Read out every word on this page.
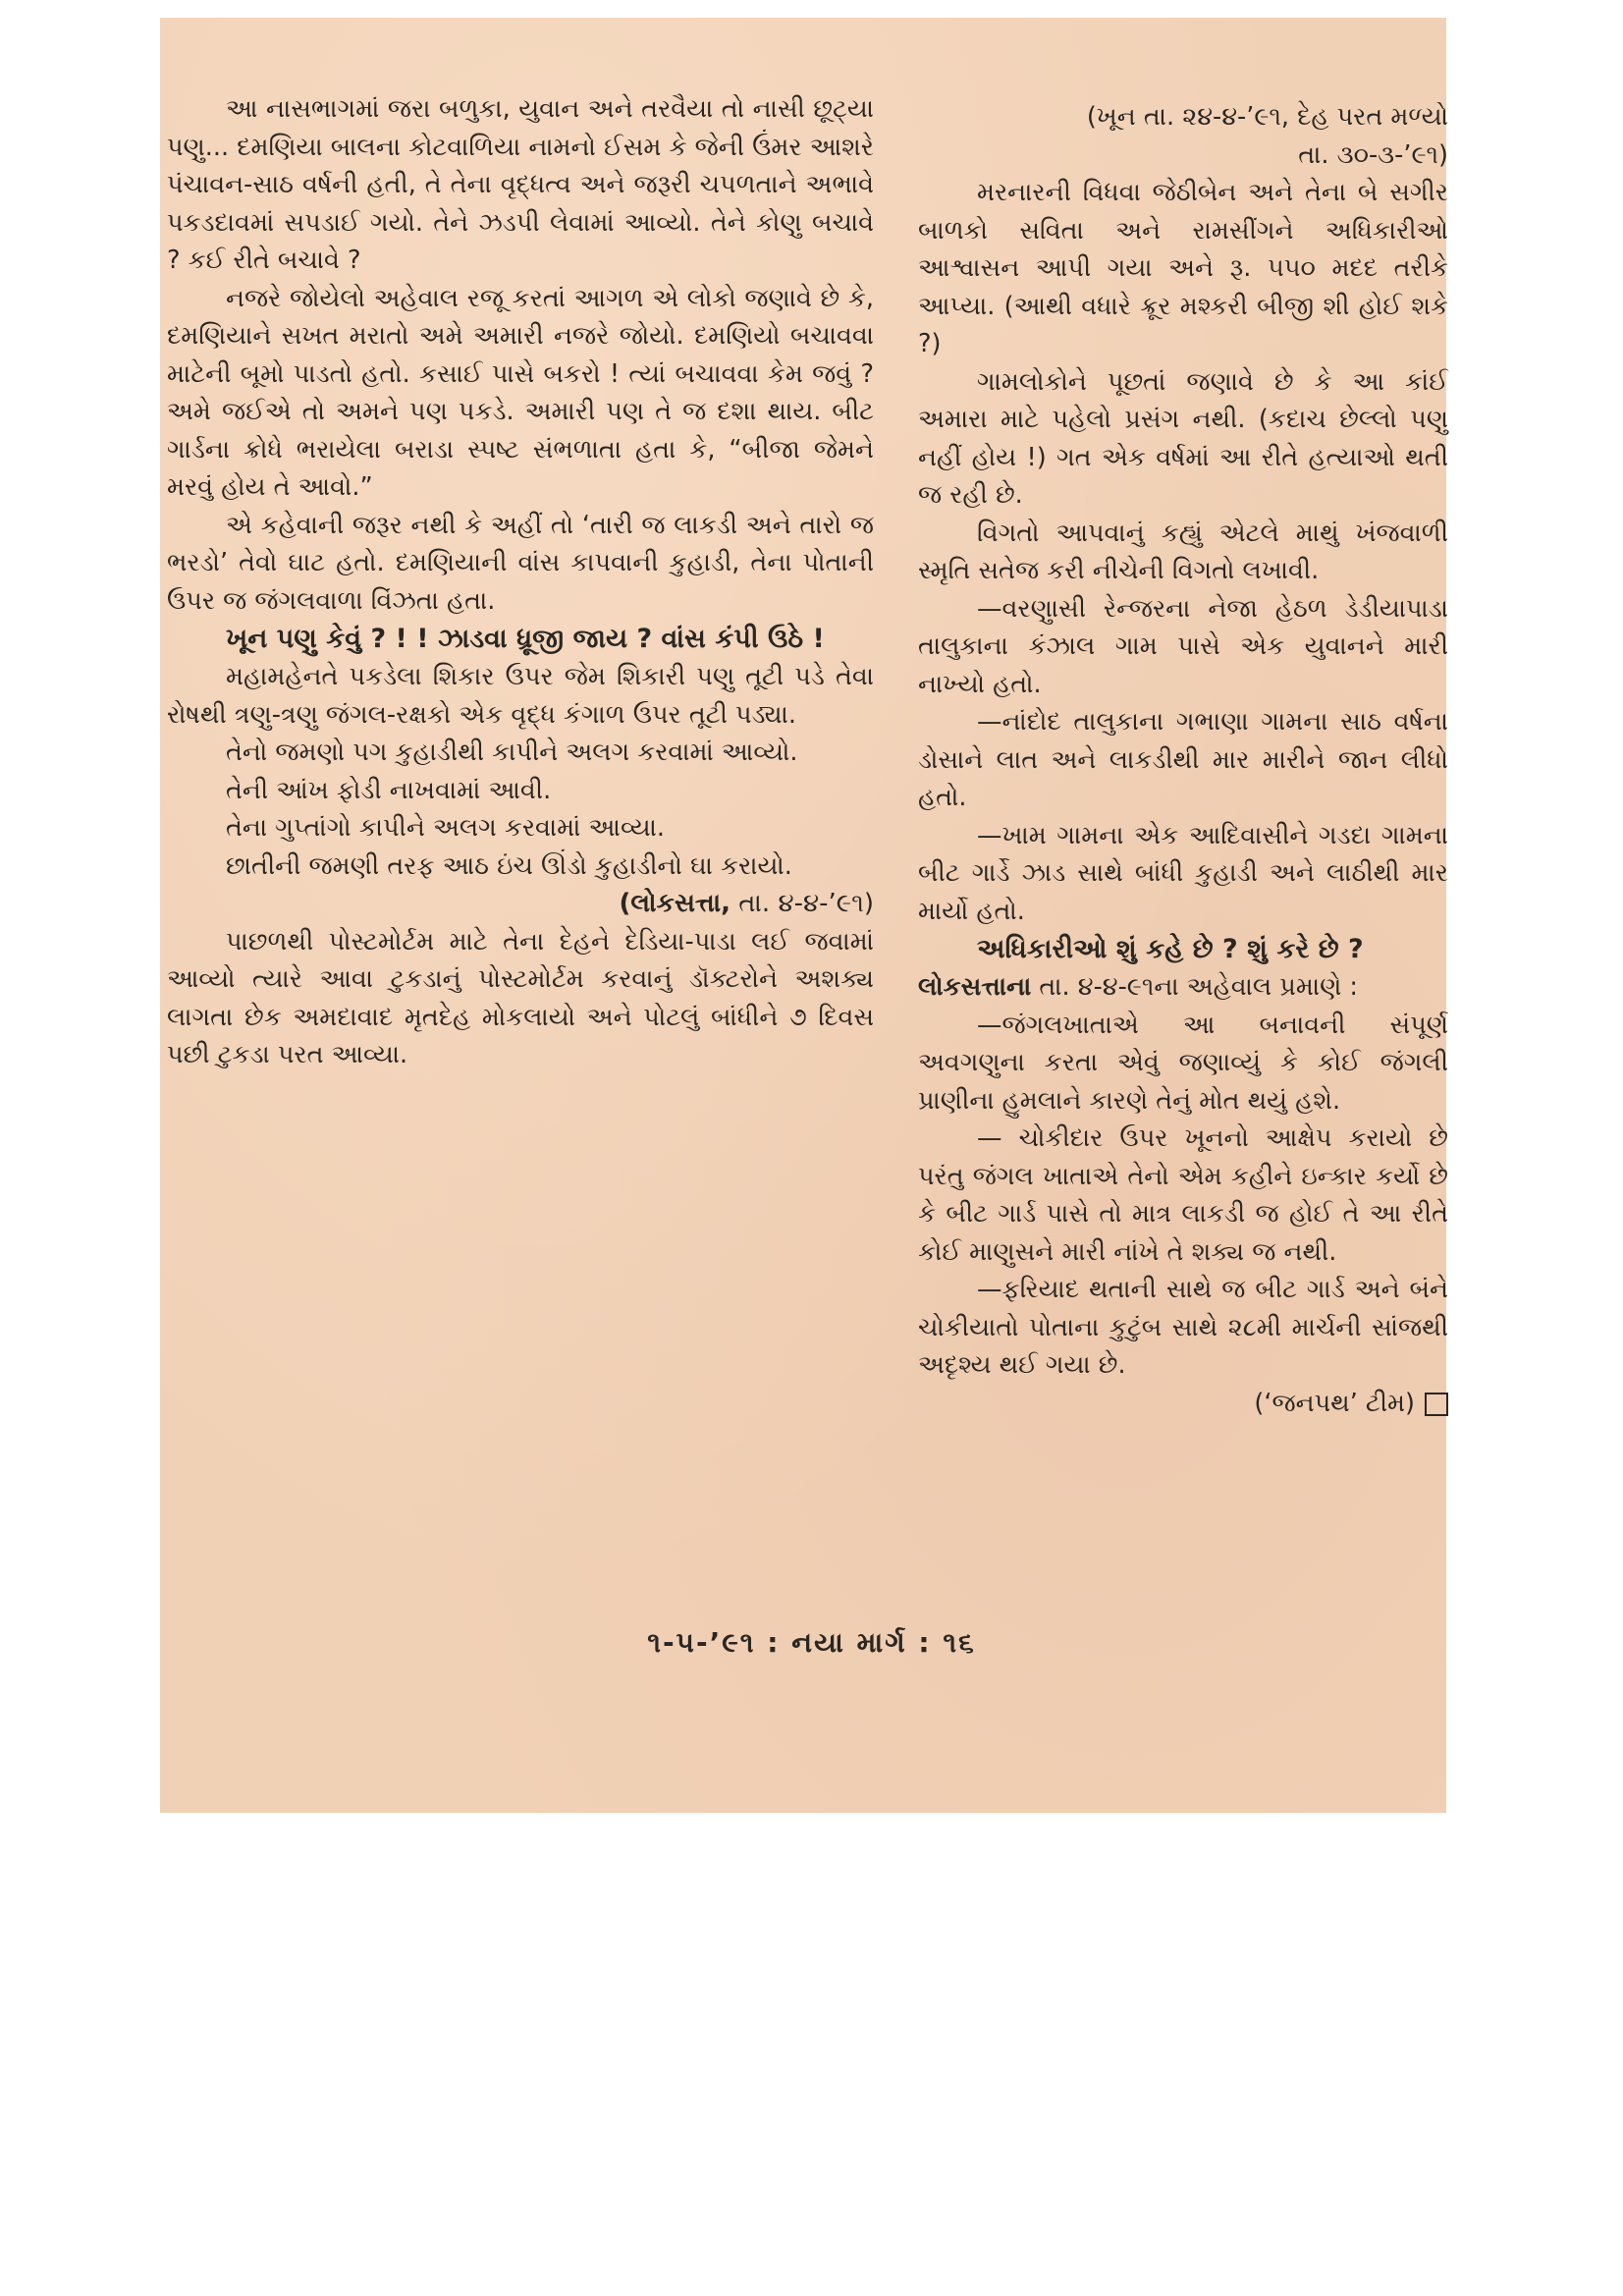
આ નાસભાગમાં જરા બળુકા, યુવાન અને તરવૈયા તો નાસી છૂટ્યા પણુ... દમણિયા બાલના કોટવાળિયા નામનો ઈસમ કે જેની ઉંમર આશરે પંચાવન-સાઠ વર્ષની હતી, તે તેના વૃદ્ધત્વ અને જરૂરી ચપળતાને અભાવે પકડદાવમાં સપડાઈ ગયો. તેને ઝડપી લેવામાં આવ્યો. તેને કોણુ બચાવે ? કઈ રીતે બચાવે ?

નજરે જોયેલો અહેવાલ રજૂ કરતાં આગળ એ લોકો જણાવે છે કે, દમણિયાને સખત મરાતો અમે અમારી નજરે જોયો. દમણિયો બચાવવા માટેની બૂમો પાડતો હતો. કસાઈ પાસે બકરો ! ત્યાં બચાવવા કેમ જવું ? અમે જઈએ તો અમને પણ પકડે. અમારી પણ તે જ દશા થાય. બીટ ગાર્ડના ક્રોધે ભરાયેલા બરાડા સ્પષ્ટ સંભળાતા હતા કે, “બીજા જેમને મરવું હોય તે આવો.”

એ કહેવાની જરૂર નથી કે અહીં તો ‘તારી જ લાકડી અને તારો જ ભરડો’ તેવો ઘાટ હતો. દમણિયાની વાંસ કાપવાની કુહાડી, તેના પોતાની ઉપર જ જંગલવાળા વિંઝતા હતા.

ખૂન પણુ કેવું ? ! ! ઝાડવા ધ્રૂજી જાય ? વાંસ કંપી ઉઠે !

મહામહેનતે પકડેલા શિકાર ઉપર જેમ શિકારી પણુ તૂટી પડે તેવા રોષથી ત્રણુ-ત્રણુ જંગલ-રક્ષકો એક વૃદ્ધ કંગાળ ઉપર તૂટી પડ્યા.

તેનો જમણો પગ કુહાડીથી કાપીને અલગ કરવામાં આવ્યો.

તેની આંખ ફોડી નાખવામાં આવી.

તેના ગુપ્તાંગો કાપીને અલગ કરવામાં આવ્યા.

છાતીની જમણી તરફ આઠ ઇંચ ઊંડો કુહાડીનો ઘા કરાયો.

(લોકસત્તા, તા. ૪-૪-’૯૧)

પાછળથી પોસ્ટમોર્ટમ માટે તેના દેહને દેડિયા-પાડા લઈ જવામાં આવ્યો ત્યારે આવા ટુકડાનું પોસ્ટમોર્ટમ કરવાનું ડૉક્ટરોને અશક્ય લાગતા છેક અમદાવાદ મૃતદેહ મોકલાયો અને પોટલું બાંધીને ૭ દિવસ પછી ટુકડા પરત આવ્યા.

(ખૂન તા. ૨૪-૪-’૯૧, દેહ પરત મળ્યો

તા. ૩૦-૩-’૯૧)

મરનારની વિધવા જેઠીબેન અને તેના બે સગીર બાળકો સવિતા અને રામસીંગને અધિકારીઓ આશ્વાસન આપી ગયા અને રૂ. ૫૫૦ મદદ તરીકે આપ્યા. (આથી વધારે ક્રૂર મશ્કરી બીજી શી હોઈ શકે ?)

ગામલોકોને પૂછતાં જણાવે છે કે આ કાંઈ અમારા માટે પહેલો પ્રસંગ નથી. (કદાચ છેલ્લો પણુ નહીં હોય !) ગત એક વર્ષમાં આ રીતે હત્યાઓ થતી જ રહી છે.

વિગતો આપવાનું કહ્યું એટલે માથું ખંજવાળી સ્મૃતિ સતેજ કરી નીચેની વિગતો લખાવી.

—વરણુાસી રેન્જરના નેજા હેઠળ ડેડીયાપાડા તાલુકાના કંઝાલ ગામ પાસે એક યુવાનને મારી નાખ્યો હતો.

—નાંદોદ તાલુકાના ગભાણા ગામના સાઠ વર્ષના ડોસાને લાત અને લાકડીથી માર મારીને જાન લીધો હતો.

—ખામ ગામના એક આદિવાસીને ગડદા ગામના બીટ ગાર્ડે ઝાડ સાથે બાંધી કુહાડી અને લાઠીથી માર માર્યો હતો.

અધિકારીઓ શું કહે છે ? શું કરે છે ?

લોકસત્તાના તા. ૪-૪-૯૧ના અહેવાલ પ્રમાણે :

—જંગલખાતાએ આ બનાવની સંપૂર્ણ અવગણુના કરતા એવું જણાવ્યું કે કોઈ જંગલી પ્રાણીના હુમલાને કારણે તેનું મોત થયું હશે.

— ચોકીદાર ઉપર ખૂનનો આક્ષેપ કરાયો છે પરંતુ જંગલ ખાતાએ તેનો એમ કહીને ઇન્કાર કર્યો છે કે બીટ ગાર્ડ પાસે તો માત્ર લાકડી જ હોઈ તે આ રીતે કોઈ માણુસને મારી નાંખે તે શક્ય જ નથી.

—ફરિયાદ થતાની સાથે જ બીટ ગાર્ડ અને બંને ચોકીયાતો પોતાના કુટુંબ સાથે ૨૮મી માર્ચની સાંજથી અદૃશ્ય થઈ ગયા છે.

(‘જનપથ’ ટીમ)

૧-૫-’૯૧ : નયા માર્ગ : ૧૬
